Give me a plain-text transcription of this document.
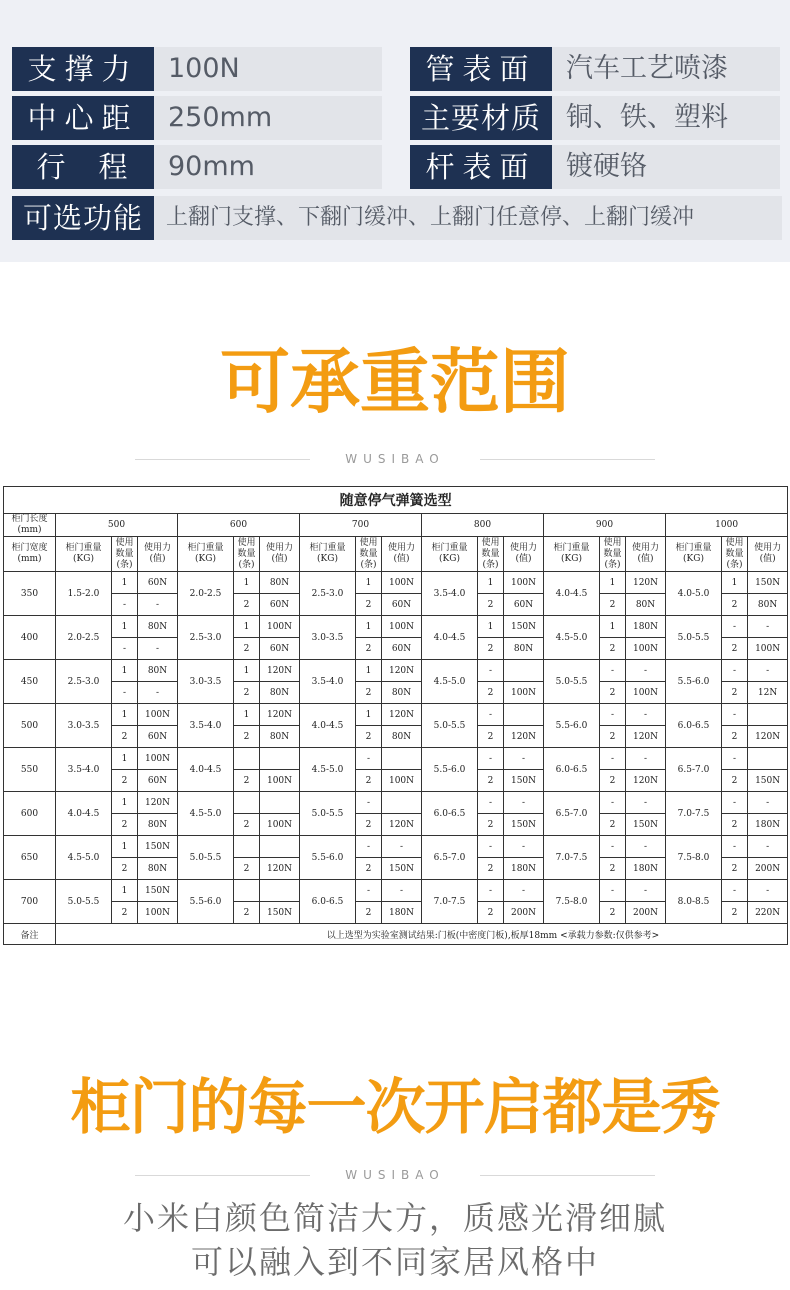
支撑力	100N	管表面	汽车工艺喷漆
中心距	250mm	主要材质 铜、铁、塑料
行　程	90mm	杆表面	镀硬铬
可选功能	上翻门支撑、下翻门缓冲、上翻门任意停、上翻门缓冲
可承重范围
WUSIBAO
随意停气弹簧选型																		
柜门长度(mm)	500			600			700			800			900			1000		
柜门宽度(mm)	柜门重量(KG)	使用数量(条)	使用力(值)	柜门重量(KG)	使用数量(条)	使用力(值)	柜门重量(KG)	使用数量(条)	使用力(值)	柜门重量(KG)	使用数量(条)	使用力(值)	柜门重量(KG)	使用数量(条)	使用力(值)	柜门重量(KG)	使用数量(条)	使用力(值)
350	1.5-2.0	1	60N	2.0-2.5	1	80N	2.5-3.0	1	100N	3.5-4.0	1	100N	4.0-4.5	1	120N	4.0-5.0	1	150N
		-	-		2	60N		2	60N		2	60N		2	80N		2	80N
400	2.0-2.5	1	80N	2.5-3.0	1	100N	3.0-3.5	1	100N	4.0-4.5	1	150N	4.5-5.0	1	180N	5.0-5.5	-	-
		-	-		2	60N		2	60N		2	80N		2	100N		2	100N
450	2.5-3.0	1	80N	3.0-3.5	1	120N	3.5-4.0	1	120N	4.5-5.0	-		5.0-5.5	-	-	5.5-6.0	-	-
		-	-		2	80N		2	80N		2	100N		2	100N		2	12N
500	3.0-3.5	1	100N	3.5-4.0	1	120N	4.0-4.5	1	120N	5.0-5.5	-		5.5-6.0	-	-	6.0-6.5	-	
		2	60N		2	80N		2	80N		2	120N		2	120N		2	120N
550	3.5-4.0	1	100N	4.0-4.5			4.5-5.0	-		5.5-6.0	-	-	6.0-6.5	-	-	6.5-7.0	-	
		2	60N		2	100N		2	100N		2	150N		2	120N		2	150N
600	4.0-4.5	1	120N	4.5-5.0			5.0-5.5	-		6.0-6.5	-	-	6.5-7.0	-	-	7.0-7.5	-	-
		2	80N		2	100N		2	120N		2	150N		2	150N		2	180N
650	4.5-5.0	1	150N	5.0-5.5			5.5-6.0	-	-	6.5-7.0	-	-	7.0-7.5	-	-	7.5-8.0	-	-
		2	80N		2	120N		2	150N		2	180N		2	180N		2	200N
700	5.0-5.5	1	150N	5.5-6.0			6.0-6.5	-	-	7.0-7.5	-	-	7.5-8.0	-	-	8.0-8.5	-	-
		2	100N		2	150N		2	180N		2	200N		2	200N		2	220N
备注	以上选型为实验室测试结果:门板(中密度门板),板厚18mm <承载力参数:仅供参考>																	
柜门的每一次开启都是秀
WUSIBAO
小米白颜色简洁大方，质感光滑细腻
可以融入到不同家居风格中
